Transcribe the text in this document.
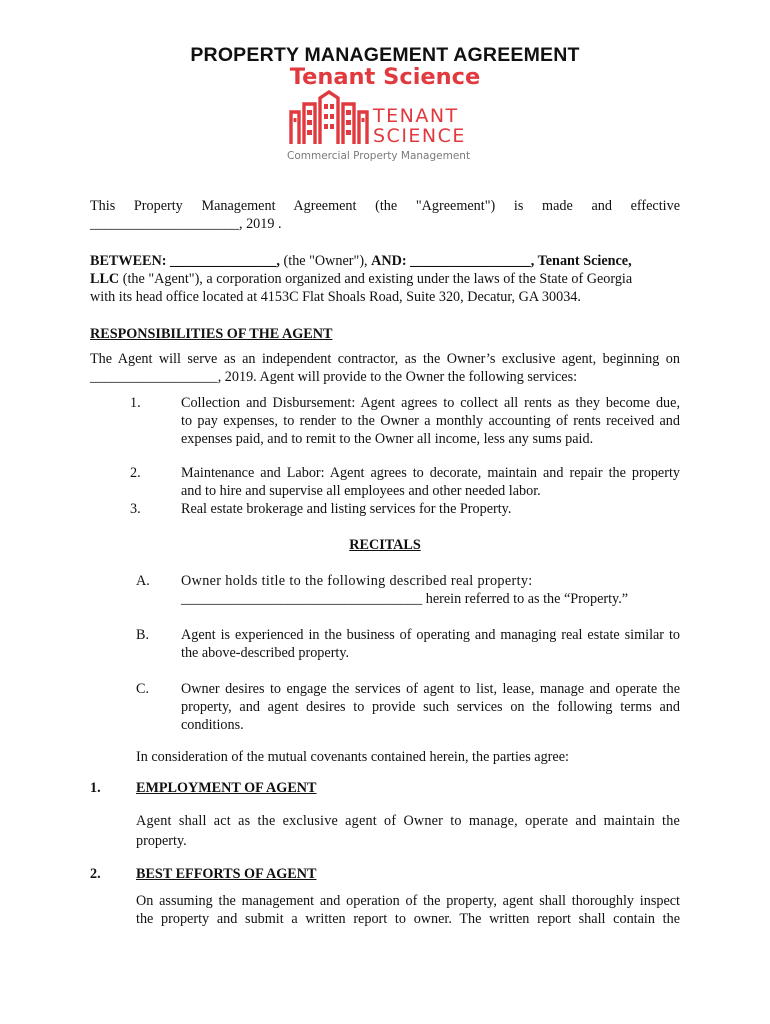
PROPERTY MANAGEMENT AGREEMENT
Tenant Science
TENANT
SCIENCE
Commercial Property Management
This Property Management Agreement (the "Agreement") is made and effective
_____________________, 2019 .
BETWEEN: _______________, (the "Owner"), AND: _________________, Tenant Science,
LLC (the "Agent"), a corporation organized and existing under the laws of the State of Georgia
with its head office located at 4153C Flat Shoals Road, Suite 320, Decatur, GA 30034.
RESPONSIBILITIES OF THE AGENT
The Agent will serve as an independent contractor, as the Owner’s exclusive agent, beginning on
__________________, 2019. Agent will provide to the Owner the following services:
1.	Collection and Disbursement: Agent agrees to collect all rents as they become due,
to pay expenses, to render to the Owner a monthly accounting of rents received and
expenses paid, and to remit to the Owner all income, less any sums paid.
2.	Maintenance and Labor: Agent agrees to decorate, maintain and repair the property
and to hire and supervise all employees and other needed labor.
3.	Real estate brokerage and listing services for the Property.
RECITALS
A. Owner holds title to the following described real property:
__________________________________ herein referred to as the “Property.”
B. Agent is experienced in the business of operating and managing real estate similar to
the above-described property.
C. Owner desires to engage the services of agent to list, lease, manage and operate the
property, and agent desires to provide such services on the following terms and
conditions.
In consideration of the mutual covenants contained herein, the parties agree:
1. EMPLOYMENT OF AGENT
Agent shall act as the exclusive agent of Owner to manage, operate and maintain the
property.
2. BEST EFFORTS OF AGENT
On assuming the management and operation of the property, agent shall thoroughly inspect
the property and submit a written report to owner. The written report shall contain the
